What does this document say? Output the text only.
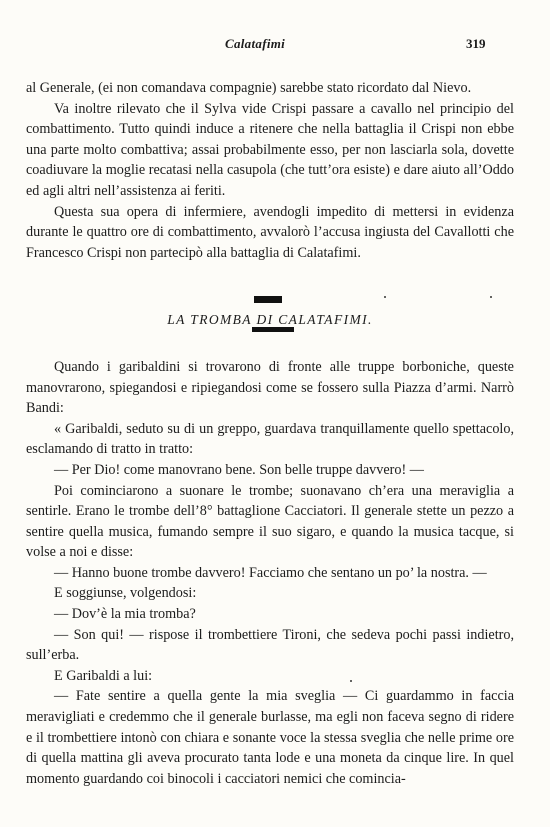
Calatafimi	319

al Generale, (ei non comandava compagnie) sarebbe stato ricordato dal Nievo.

Va inoltre rilevato che il Sylva vide Crispi passare a cavallo nel principio del combattimento. Tutto quindi induce a ritenere che nella battaglia il Crispi non ebbe una parte molto combattiva; assai probabilmente esso, per non lasciarla sola, dovette coadiuvare la moglie recatasi nella casupola (che tutt’ora esiste) e dare aiuto all’Oddo ed agli altri nell’assistenza ai feriti.

Questa sua opera di infermiere, avendogli impedito di mettersi in evidenza durante le quattro ore di combattimento, avvalorò l’accusa ingiusta del Cavallotti che Francesco Crispi non partecipò alla battaglia di Calatafimi.

LA TROMBA DI CALATAFIMI.

Quando i garibaldini si trovarono di fronte alle truppe borboniche, queste manovrarono, spiegandosi e ripiegandosi come se fossero sulla Piazza d’armi. Narrò Bandi:

« Garibaldi, seduto su di un greppo, guardava tranquillamente quello spettacolo, esclamando di tratto in tratto:

— Per Dio! come manovrano bene. Son belle truppe davvero! —

Poi cominciarono a suonare le trombe; suonavano ch’era una meraviglia a sentirle. Erano le trombe dell’8° battaglione Cacciatori. Il generale stette un pezzo a sentire quella musica, fumando sempre il suo sigaro, e quando la musica tacque, si volse a noi e disse:

— Hanno buone trombe davvero! Facciamo che sentano un po’ la nostra. —

E soggiunse, volgendosi:

— Dov’è la mia tromba?

— Son qui! — rispose il trombettiere Tironi, che sedeva pochi passi indietro, sull’erba.

E Garibaldi a lui:

— Fate sentire a quella gente la mia sveglia — Ci guardammo in faccia meravigliati e credemmo che il generale burlasse, ma egli non faceva segno di ridere e il trombettiere intonò con chiara e sonante voce la stessa sveglia che nelle prime ore di quella mattina gli aveva procurato tanta lode e una moneta da cinque lire. In quel momento guardando coi binocoli i cacciatori nemici che comincia-
